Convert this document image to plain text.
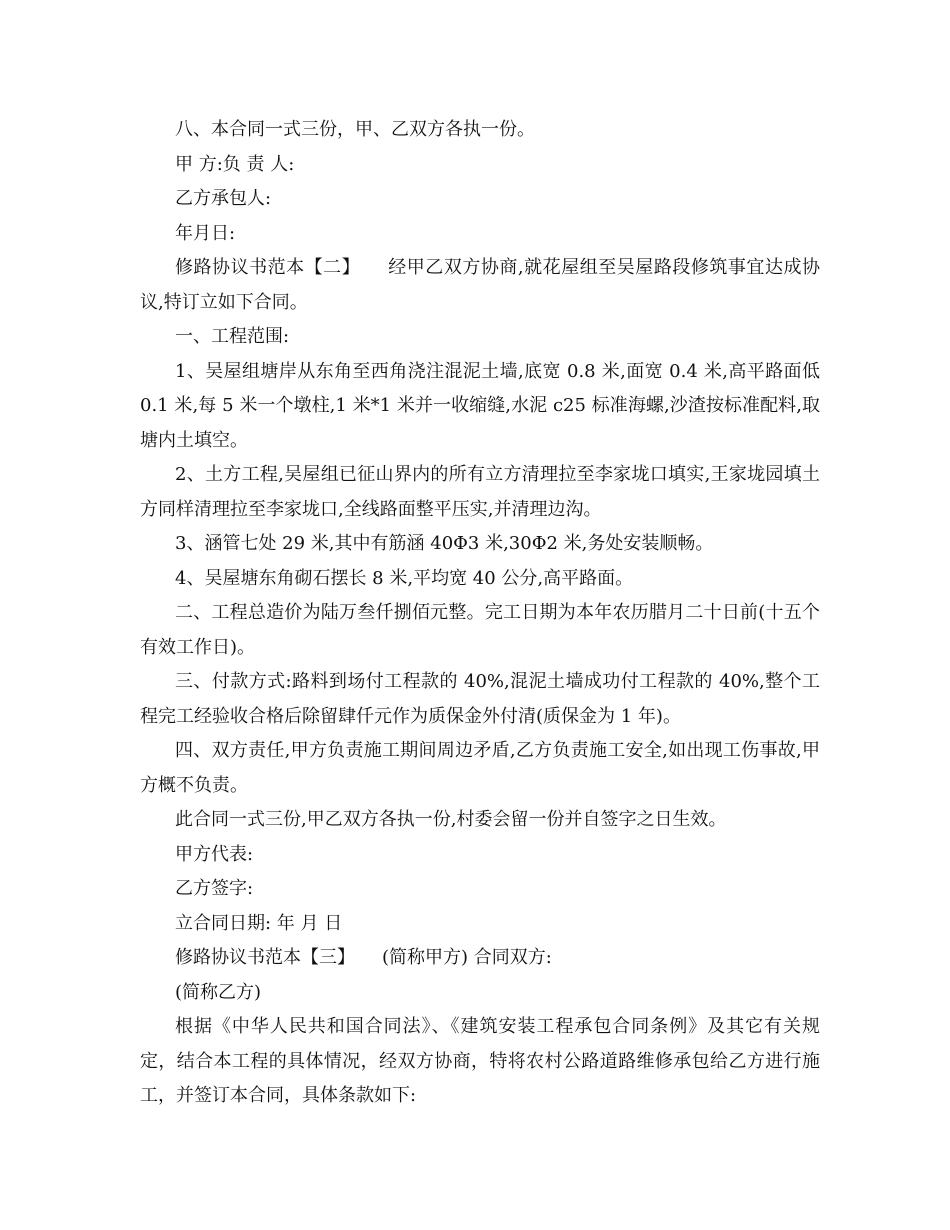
八、本合同一式三份，甲、乙双方各执一份。

甲 方:负 责 人:

乙方承包人:

年月日:

修路协议书范本【二】　　经甲乙双方协商,就花屋组至吴屋路段修筑事宜达成协议,特订立如下合同。

一、工程范围:

1、吴屋组塘岸从东角至西角浇注混泥土墙,底宽 0.8 米,面宽 0.4 米,高平路面低 0.1 米,每 5 米一个墩柱,1 米*1 米并一收缩缝,水泥 c25 标准海螺,沙渣按标准配料,取塘内土填空。

2、土方工程,吴屋组已征山界内的所有立方清理拉至李家垅口填实,王家垅园填土方同样清理拉至李家垅口,全线路面整平压实,并清理边沟。

3、涵管七处 29 米,其中有筋涵 40Φ3 米,30Φ2 米,务处安装顺畅。

4、吴屋塘东角砌石摆长 8 米,平均宽 40 公分,高平路面。

二、工程总造价为陆万叁仟捌佰元整。完工日期为本年农历腊月二十日前(十五个有效工作日)。

三、付款方式:路料到场付工程款的 40%,混泥土墙成功付工程款的 40%,整个工程完工经验收合格后除留肆仟元作为质保金外付清(质保金为 1 年)。

四、双方责任,甲方负责施工期间周边矛盾,乙方负责施工安全,如出现工伤事故,甲方概不负责。

此合同一式三份,甲乙双方各执一份,村委会留一份并自签字之日生效。

甲方代表:

乙方签字:

立合同日期: 年 月 日

修路协议书范本【三】　　(简称甲方) 合同双方:

(简称乙方)

根据《中华人民共和国合同法》、《建筑安装工程承包合同条例》及其它有关规定，结合本工程的具体情况，经双方协商，特将农村公路道路维修承包给乙方进行施工，并签订本合同，具体条款如下:
